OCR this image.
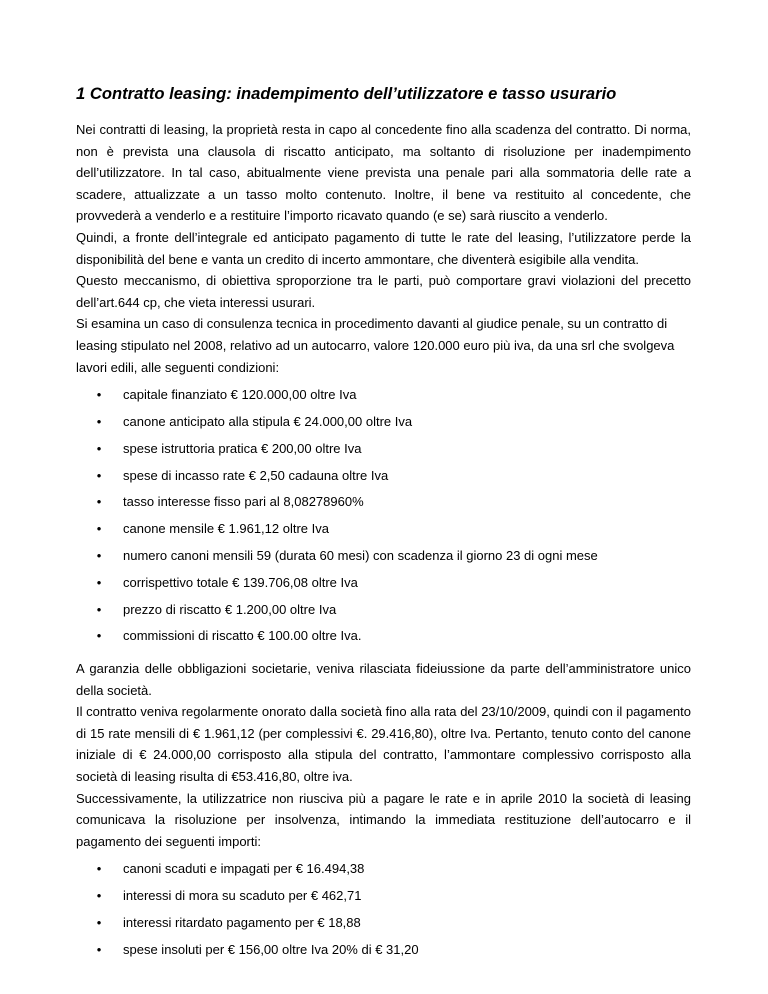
1 Contratto leasing: inadempimento dell’utilizzatore e tasso usurario

Nei contratti di leasing, la proprietà resta in capo al concedente fino alla scadenza del contratto. Di norma, non è prevista una clausola di riscatto anticipato, ma soltanto di risoluzione per inadempimento dell’utilizzatore. In tal caso, abitualmente viene prevista una penale pari alla sommatoria delle rate a scadere, attualizzate a un tasso molto contenuto. Inoltre, il bene va restituito al concedente, che provvederà a venderlo e a restituire l’importo ricavato quando (e se) sarà riuscito a venderlo.

Quindi, a fronte dell’integrale ed anticipato pagamento di tutte le rate del leasing, l’utilizzatore perde la disponibilità del bene e vanta un credito di incerto ammontare, che diventerà esigibile alla vendita.

Questo meccanismo, di obiettiva sproporzione tra le parti, può comportare gravi violazioni del precetto dell’art.644 cp, che vieta interessi usurari.

Si esamina un caso di consulenza tecnica in procedimento davanti al giudice penale, su un contratto di leasing stipulato nel 2008, relativo ad un autocarro, valore 120.000 euro più iva, da una srl che svolgeva lavori edili, alle seguenti condizioni:

•	capitale finanziato € 120.000,00 oltre Iva
•	canone anticipato alla stipula € 24.000,00 oltre Iva
•	spese istruttoria pratica € 200,00 oltre Iva
•	spese di incasso rate € 2,50 cadauna oltre Iva
•	tasso interesse fisso pari al 8,08278960%
•	canone mensile € 1.961,12 oltre Iva
•	numero canoni mensili 59 (durata 60 mesi) con scadenza il giorno 23 di ogni mese
•	corrispettivo totale € 139.706,08 oltre Iva
•	prezzo di riscatto € 1.200,00 oltre Iva
•	commissioni di riscatto € 100.00 oltre Iva.

A garanzia delle obbligazioni societarie, veniva rilasciata fideiussione da parte dell’amministratore unico della società.

Il contratto veniva regolarmente onorato dalla società fino alla rata del 23/10/2009, quindi con il pagamento di 15 rate mensili di € 1.961,12 (per complessivi €. 29.416,80), oltre Iva. Pertanto, tenuto conto del canone iniziale di € 24.000,00 corrisposto alla stipula del contratto, l’ammontare complessivo corrisposto alla società di leasing risulta di €53.416,80, oltre iva.

Successivamente, la utilizzatrice non riusciva più a pagare le rate e in aprile 2010 la società di leasing comunicava la risoluzione per insolvenza, intimando la immediata restituzione dell’autocarro e il pagamento dei seguenti importi:

•	canoni scaduti e impagati per € 16.494,38
•	interessi di mora su scaduto per € 462,71
•	interessi ritardato pagamento per € 18,88
•	spese insoluti per € 156,00 oltre Iva 20% di € 31,20
